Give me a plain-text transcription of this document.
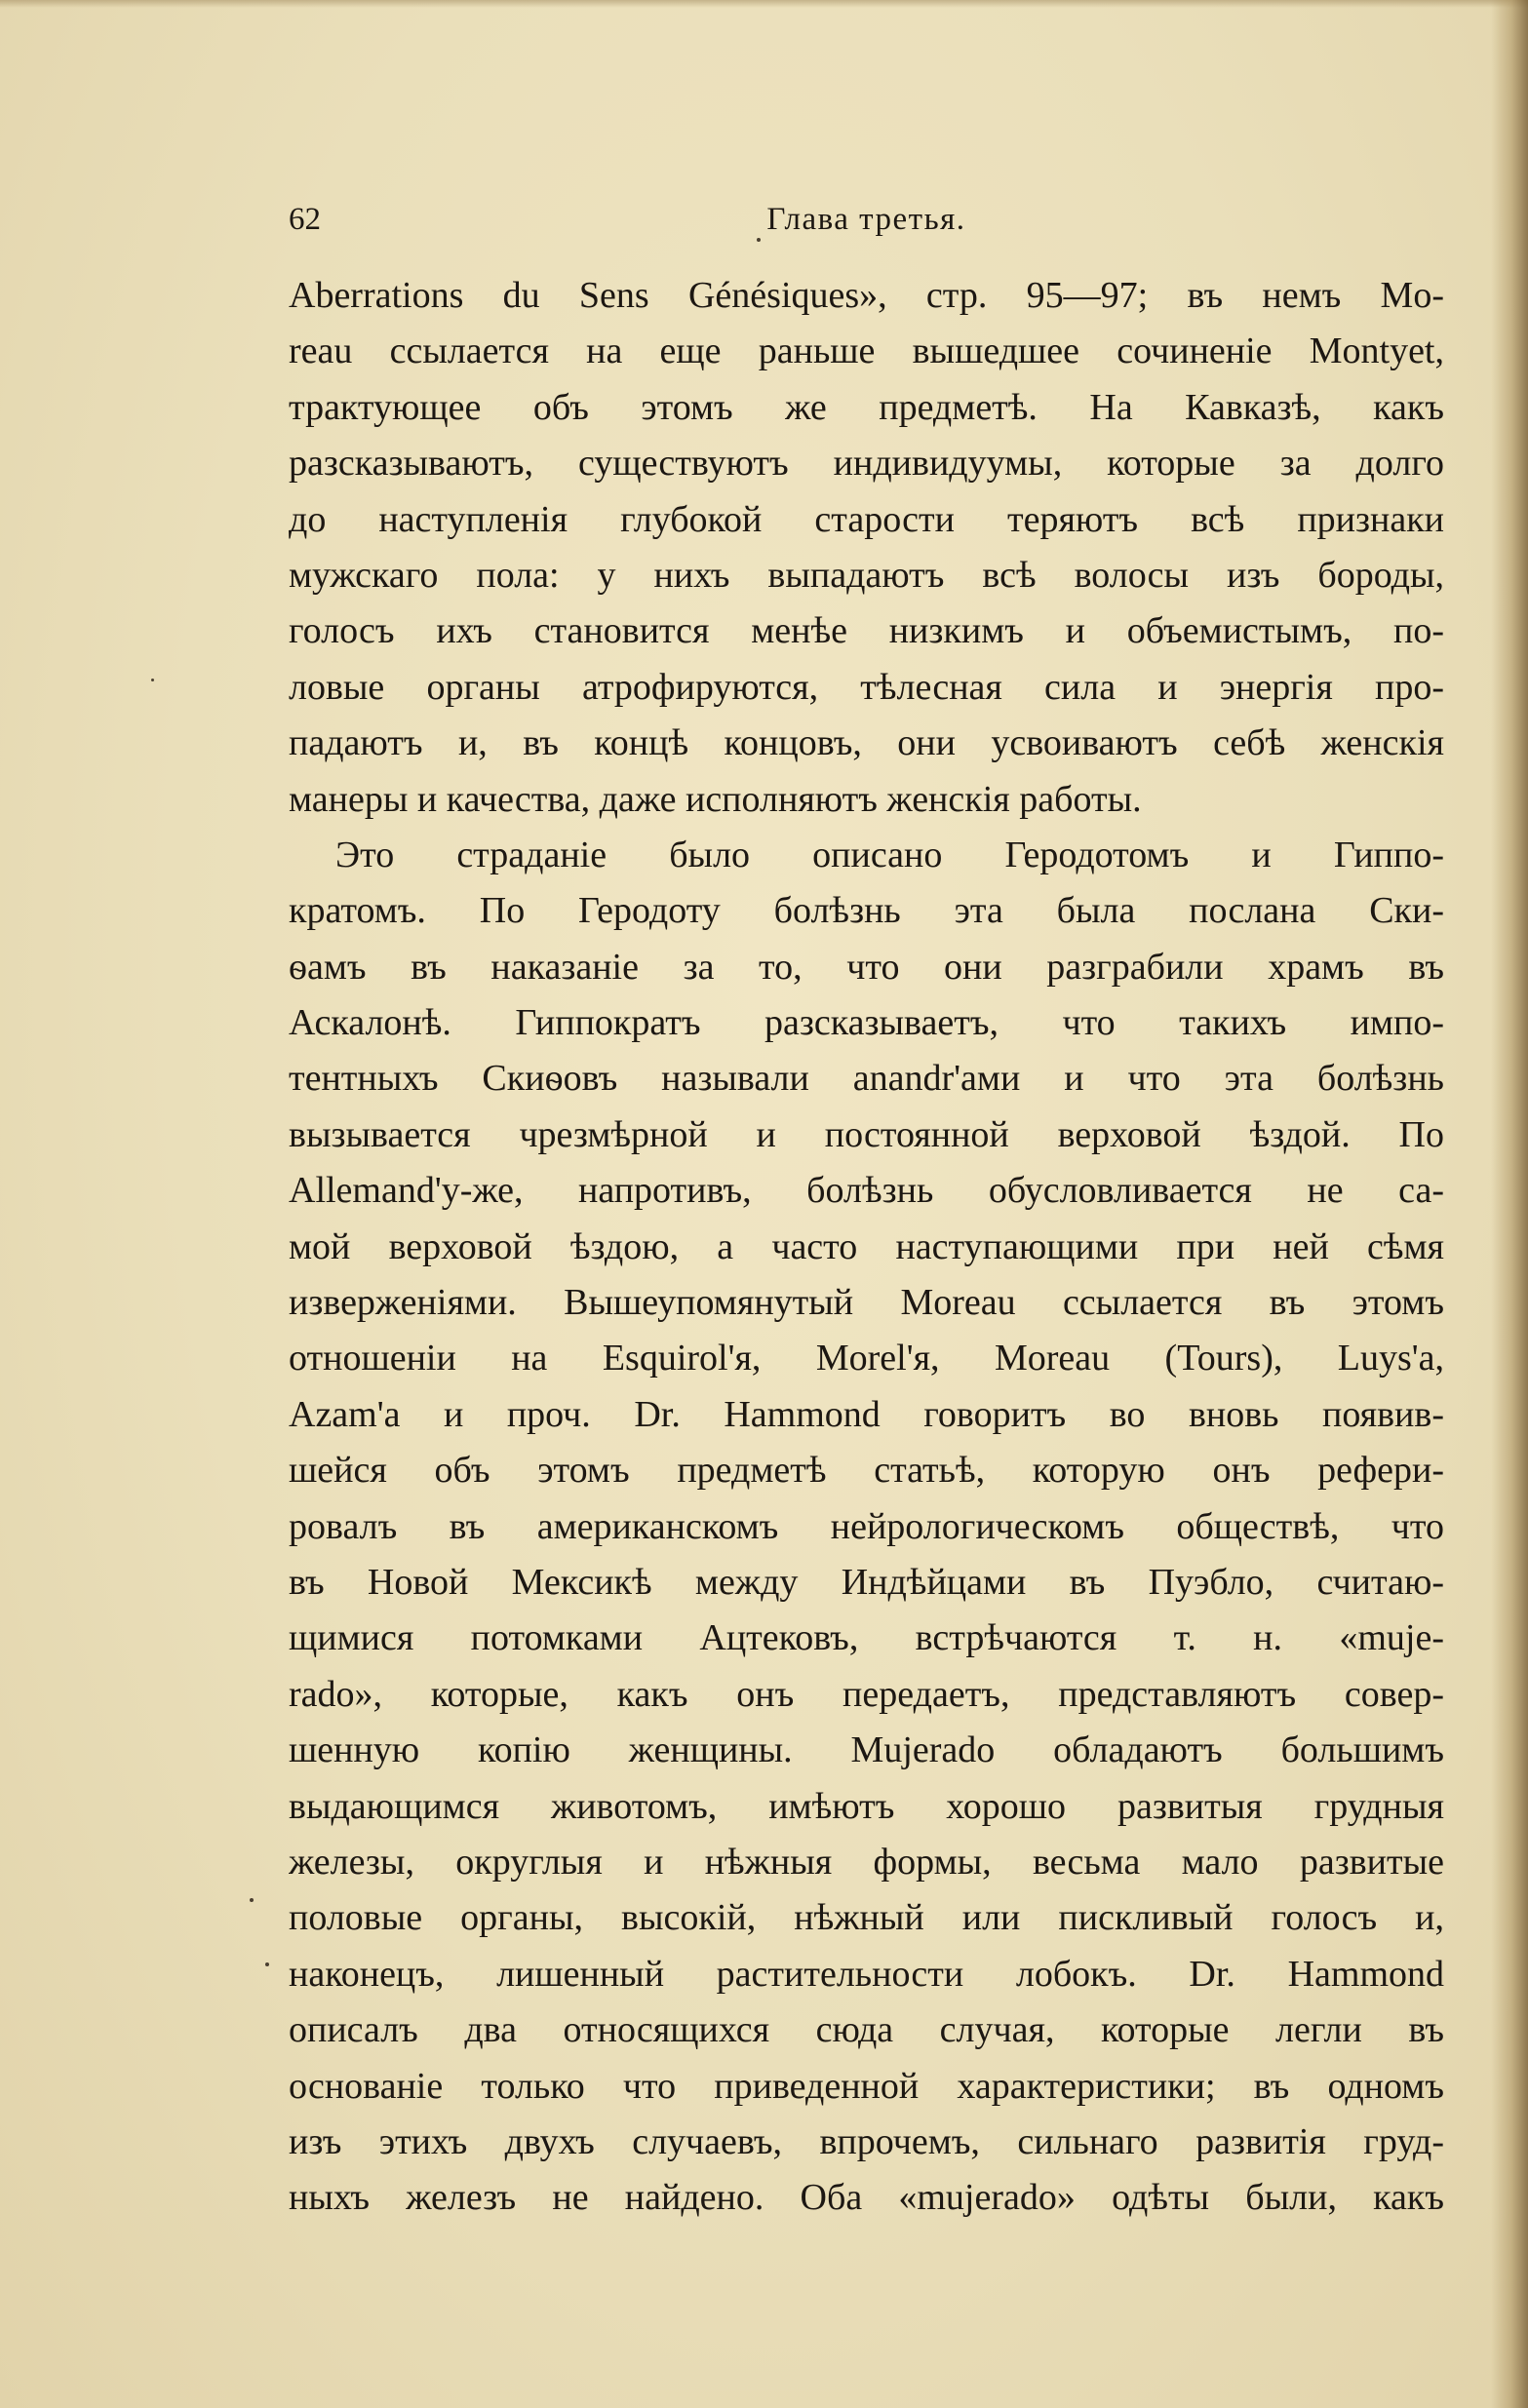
62	Глава третья.
Aberrations du Sens Génésiques», стр. 95—97; въ немъ Mo-
reau ссылается на еще раньше вышедшее сочиненіе Montyet,
трактующее объ этомъ же предметѣ. На Кавказѣ, какъ
разсказываютъ, существуютъ индивидуумы, которые за долго
до наступленія глубокой старости теряютъ всѣ признаки
мужскаго пола: у нихъ выпадаютъ всѣ волосы изъ бороды,
голосъ ихъ становится менѣе низкимъ и объемистымъ, по-
ловые органы атрофируются, тѣлесная сила и энергія про-
падаютъ и, въ концѣ концовъ, они усвоиваютъ себѣ женскія
манеры и качества, даже исполняютъ женскія работы.
Это страданіе было описано Геродотомъ и Гиппо-
кратомъ. По Геродоту болѣзнь эта была послана Ски-
ѳамъ въ наказаніе за то, что они разграбили храмъ въ
Аскалонѣ. Гиппократъ разсказываетъ, что такихъ импо-
тентныхъ Скиѳовъ называли anandr'ами и что эта болѣзнь
вызывается чрезмѣрной и постоянной верховой ѣздой. По
Allemand'у-же, напротивъ, болѣзнь обусловливается не са-
мой верховой ѣздою, а часто наступающими при ней сѣмя
изверженіями. Вышеупомянутый Moreau ссылается въ этомъ
отношеніи на Esquirol'я, Morel'я, Moreau (Tours), Luys'a,
Azam'a и проч. Dr. Hammond говоритъ во вновь появив-
шейся объ этомъ предметѣ статьѣ, которую онъ рефери-
ровалъ въ американскомъ нейрологическомъ обществѣ, что
въ Новой Мексикѣ между Индѣйцами въ Пуэбло, считаю-
щимися потомками Ацтековъ, встрѣчаются т. н. «muje-
rado», которые, какъ онъ передаетъ, представляютъ совер-
шенную копію женщины. Mujerado обладаютъ большимъ
выдающимся животомъ, имѣютъ хорошо развитыя грудныя
железы, округлыя и нѣжныя формы, весьма мало развитые
половые органы, высокій, нѣжный или пискливый голосъ и,
наконецъ, лишенный растительности лобокъ. Dr. Hammond
описалъ два относящихся сюда случая, которые легли въ
основаніе только что приведенной характеристики; въ одномъ
изъ этихъ двухъ случаевъ, впрочемъ, сильнаго развитія груд-
ныхъ железъ не найдено. Оба «mujerado» одѣты были, какъ
